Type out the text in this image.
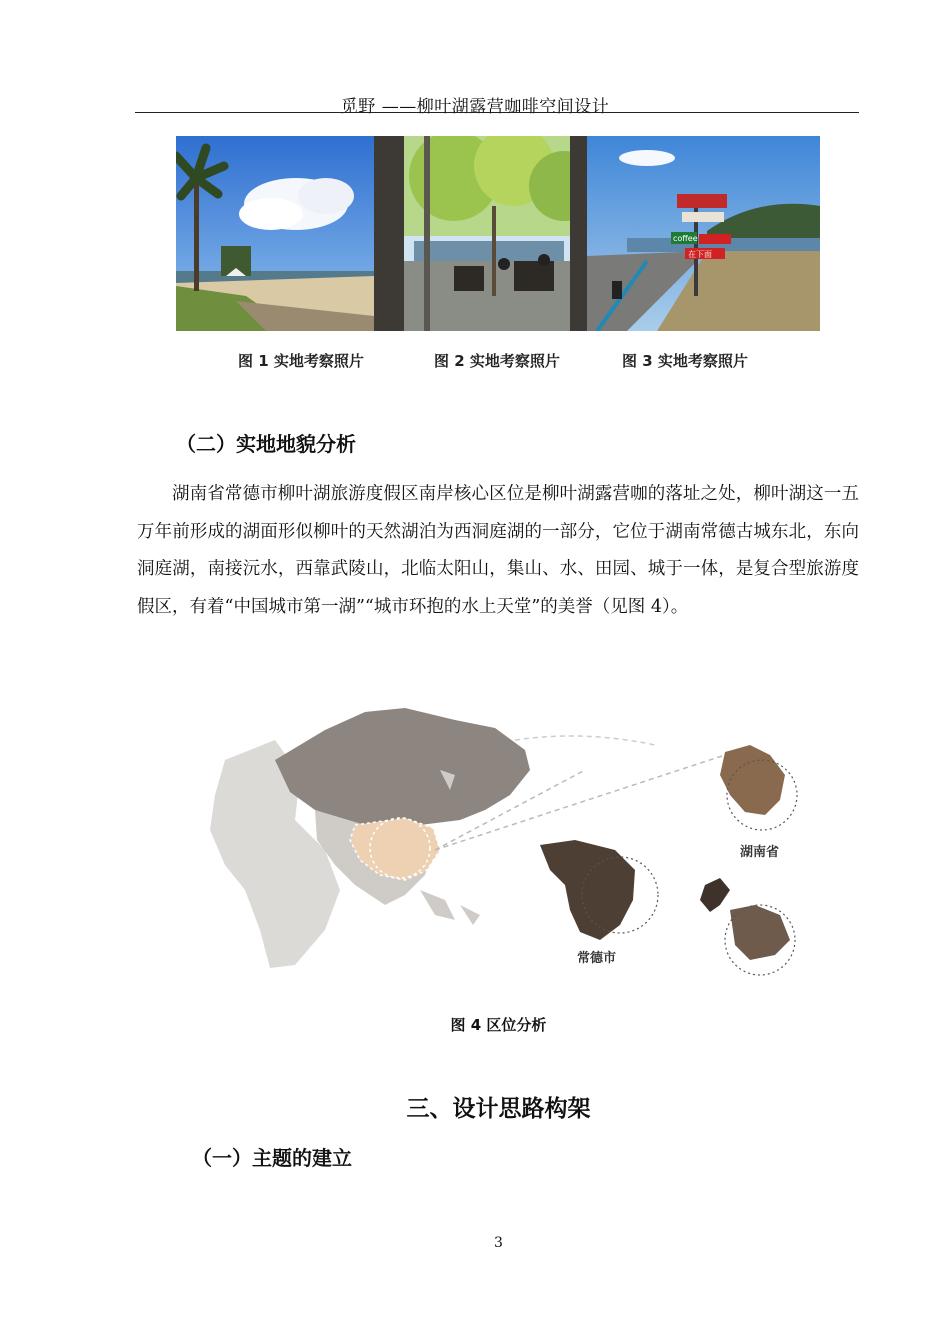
觅野 ——柳叶湖露营咖啡空间设计
coffee
在下面
图 1 实地考察照片	图 2 实地考察照片	图 3 实地考察照片
（二）实地地貌分析

湖南省常德市柳叶湖旅游度假区南岸核心区位是柳叶湖露营咖的落址之处，柳叶湖这一五万年前形成的湖面形似柳叶的天然湖泊为西洞庭湖的一部分，它位于湖南常德古城东北，东向洞庭湖，南接沅水，西靠武陵山，北临太阳山，集山、水、田园、城于一体，是复合型旅游度假区，有着“中国城市第一湖”“城市环抱的水上天堂”的美誉（见图 4）。

湖南省
常德市
图 4 区位分析
三、设计思路构架
（一）主题的建立
3
